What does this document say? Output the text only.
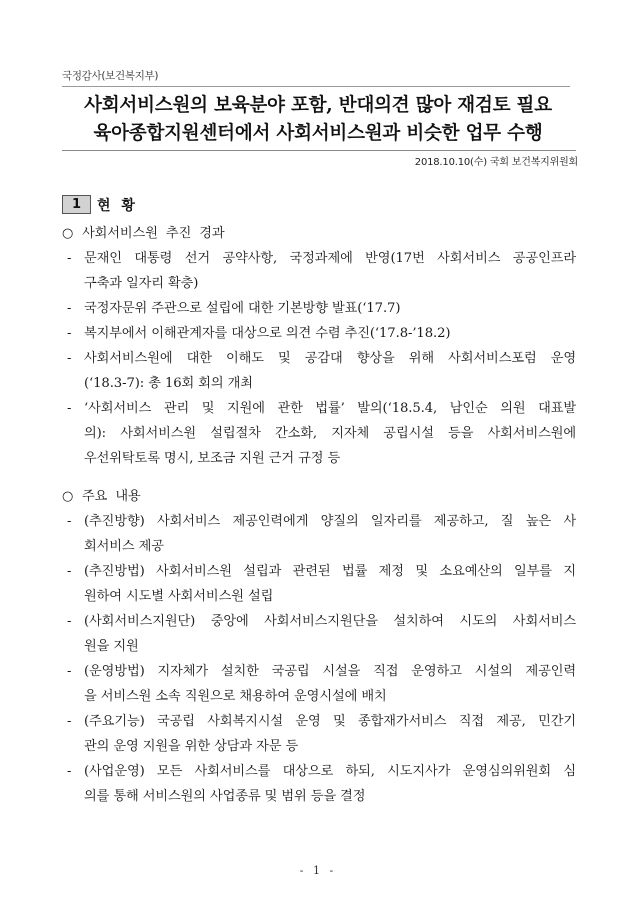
국정감사(보건복지부)
사회서비스원의 보육분야 포함, 반대의견 많아 재검토 필요
육아종합지원센터에서 사회서비스원과 비슷한 업무 수행
2018.10.10(수) 국회 보건복지위원회
1	현 황
○ 사회서비스원 추진 경과
- 문재인 대통령 선거 공약사항, 국정과제에 반영(17번 사회서비스 공공인프라
구축과 일자리 확충)
- 국정자문위 주관으로 설립에 대한 기본방향 발표(‘17.7)
- 복지부에서 이해관계자를 대상으로 의견 수렴 추진(‘17.8-’18.2)
- 사회서비스원에 대한 이해도 및 공감대 향상을 위해 사회서비스포럼 운영
(‘18.3-7): 총 16회 회의 개최
- ‘사회서비스 관리 및 지원에 관한 법률’ 발의(‘18.5.4, 남인순 의원 대표발
의): 사회서비스원 설립절차 간소화, 지자체 공립시설 등을 사회서비스원에
우선위탁토록 명시, 보조금 지원 근거 규정 등
○ 주요 내용
- (추진방향) 사회서비스 제공인력에게 양질의 일자리를 제공하고, 질 높은 사
회서비스 제공
- (추진방법) 사회서비스원 설립과 관련된 법률 제정 및 소요예산의 일부를 지
원하여 시도별 사회서비스원 설립
- (사회서비스지원단) 중앙에 사회서비스지원단을 설치하여 시도의 사회서비스
원을 지원
- (운영방법) 지자체가 설치한 국공립 시설을 직접 운영하고 시설의 제공인력
을 서비스원 소속 직원으로 채용하여 운영시설에 배치
- (주요기능) 국공립 사회복지시설 운영 및 종합재가서비스 직접 제공, 민간기
관의 운영 지원을 위한 상담과 자문 등
- (사업운영) 모든 사회서비스를 대상으로 하되, 시도지사가 운영심의위원회 심
의를 통해 서비스원의 사업종류 및 범위 등을 결정
- 1 -
